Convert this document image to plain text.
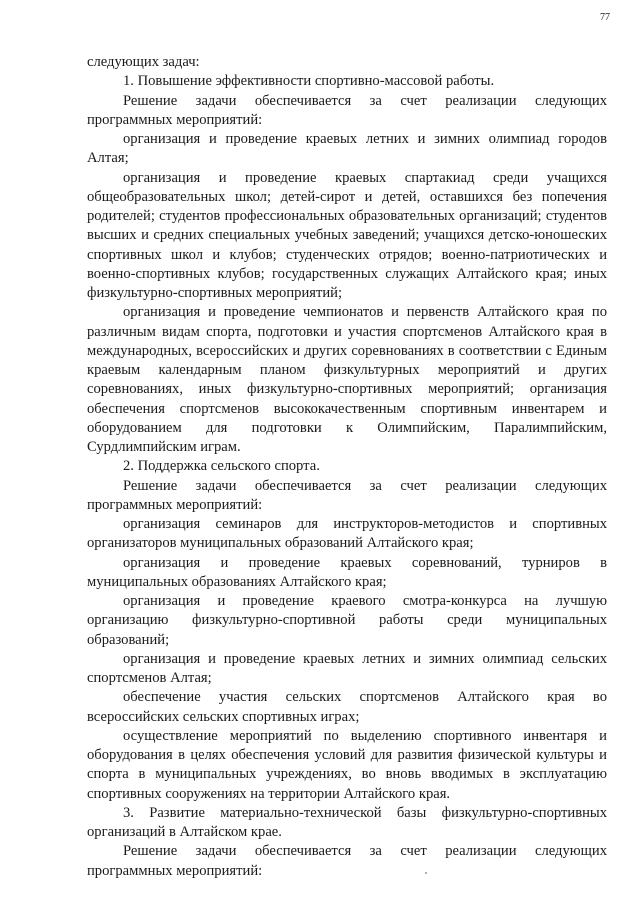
77

следующих задач:

1. Повышение эффективности спортивно-массовой работы.

Решение задачи обеспечивается за счет реализации следующих программных мероприятий:

организация и проведение краевых летних и зимних олимпиад городов Алтая;

организация и проведение краевых спартакиад среди учащихся общеобразовательных школ; детей-сирот и детей, оставшихся без попечения родителей; студентов профессиональных образовательных организаций; студентов высших и средних специальных учебных заведений; учащихся детско-юношеских спортивных школ и клубов; студенческих отрядов; военно-патриотических и военно-спортивных клубов; государственных служащих Алтайского края; иных физкультурно-спортивных мероприятий;

организация и проведение чемпионатов и первенств Алтайского края по различным видам спорта, подготовки и участия спортсменов Алтайского края в международных, всероссийских и других соревнованиях в соответствии с Единым краевым календарным планом физкультурных мероприятий и других соревнованиях, иных физкультурно-спортивных мероприятий; организация обеспечения спортсменов высококачественным спортивным инвентарем и оборудованием для подготовки к Олимпийским, Паралимпийским, Сурдлимпийским играм.

2. Поддержка сельского спорта.

Решение задачи обеспечивается за счет реализации следующих программных мероприятий:

организация семинаров для инструкторов-методистов и спортивных организаторов муниципальных образований Алтайского края;

организация и проведение краевых соревнований, турниров в муниципальных образованиях Алтайского края;

организация и проведение краевого смотра-конкурса на лучшую организацию физкультурно-спортивной работы среди муниципальных образований;

организация и проведение краевых летних и зимних олимпиад сельских спортсменов Алтая;

обеспечение участия сельских спортсменов Алтайского края во всероссийских сельских спортивных играх;

осуществление мероприятий по выделению спортивного инвентаря и оборудования в целях обеспечения условий для развития физической культуры и спорта в муниципальных учреждениях, во вновь вводимых в эксплуатацию спортивных сооружениях на территории Алтайского края.

3. Развитие материально-технической базы физкультурно-спортивных организаций в Алтайском крае.

Решение задачи обеспечивается за счет реализации следующих программных мероприятий:
